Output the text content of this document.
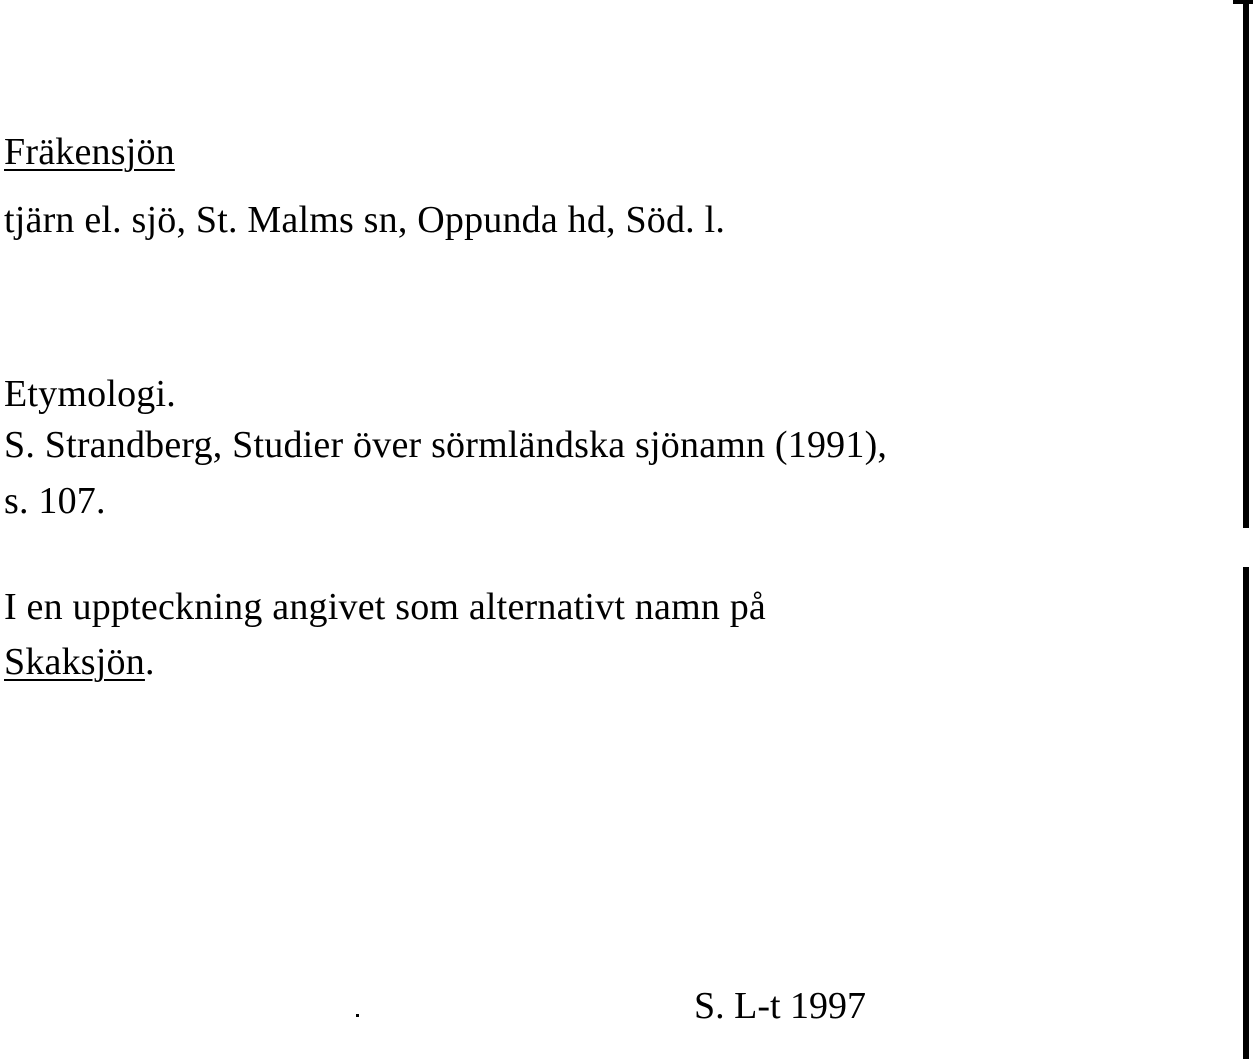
Fräkensjön

tjärn el. sjö, St. Malms sn, Oppunda hd, Söd. l.

Etymologi.

S. Strandberg, Studier över sörmländska sjönamn (1991),

s. 107.

I en uppteckning angivet som alternativt namn på

Skaksjön.

S. L-t 1997
